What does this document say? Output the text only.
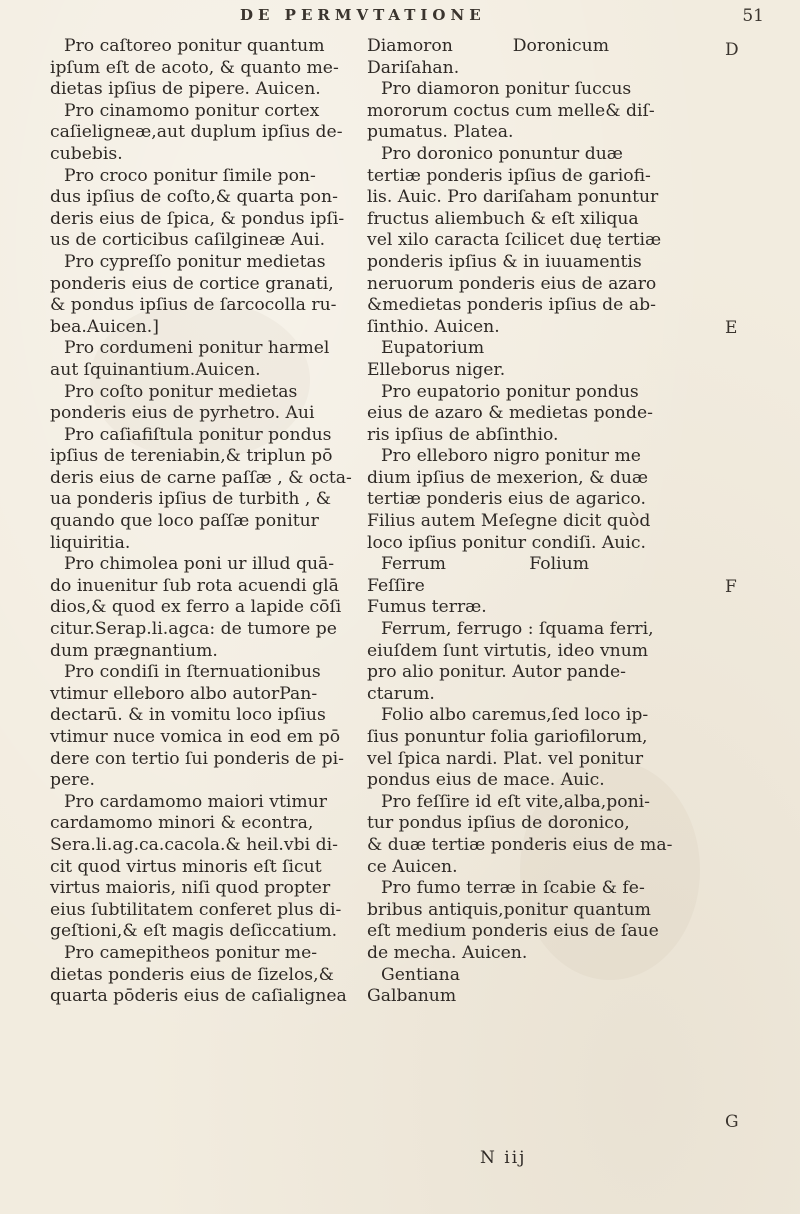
DE PERMVTATIONE	51
Pro caſtoreo ponitur quantum
ipſum eſt de acoto, & quanto me-
dietas ipſius de pipere. Auicen.
Pro cinamomo ponitur cortex
caſieligneæ,aut duplum ipſius de-
cubebis.
Pro croco ponitur ſimile pon-
dus ipſius de coſto,& quarta pon-
deris eius de ſpica, & pondus ipſi-
us de corticibus caſilgineæ Aui.
Pro cypreſſo ponitur medietas
ponderis eius de cortice granati,
& pondus ipſius de ſarcocolla ru-
bea.Auicen.]
Pro cordumeni ponitur harmel
aut ſquinantium.Auicen.
Pro coſto ponitur medietas
ponderis eius de pyrhetro. Aui
Pro caſiafiſtula ponitur pondus
ipſius de tereniabin,& triplun pō
deris eius de carne paſſæ , & octa-
ua ponderis ipſius de turbith , &
quando que loco paſſæ ponitur
liquiritia.
Pro chimolea poni ur illud quā-
do inuenitur ſub rota acuendi glā
dios,& quod ex ferro a lapide cōſi
citur.Serap.li.agca: de tumore pe
dum prægnantium.
Pro condiſi in ſternuationibus
vtimur elleboro albo autorPan-
dectarū. & in vomitu loco ipſius
vtimur nuce vomica in eod em pō
dere con tertio ſui ponderis de pi-
pere.
Pro cardamomo maiori vtimur
cardamomo minori & econtra,
Sera.li.ag.ca.cacola.& heil.vbi di-
cit quod virtus minoris eſt ſicut
virtus maioris, niſi quod propter
eius ſubtilitatem conferet plus di-
geſtioni,& eſt magis deſiccatium.
Pro camepitheos ponitur me-
dietas ponderis eius de ſizelos,&
quarta pōderis eius de caſialignea
Diamoron	Doronicum
Dariſahan.
Pro diamoron ponitur ſuccus
mororum coctus cum melle& diſ-
pumatus. Platea.
Pro doronico ponuntur duæ
tertiæ ponderis ipſius de gariofi-
lis. Auic. Pro dariſaham ponuntur
fructus aliembuch & eſt xiliqua
vel xilo caracta ſcilicet duę tertiæ
ponderis ipſius & in iuuamentis
neruorum ponderis eius de azaro
&medietas ponderis ipſius de ab-
ſinthio. Auicen.
Eupatorium
Elleborus niger.
Pro eupatorio ponitur pondus
eius de azaro & medietas ponde-
ris ipſius de abſinthio.
Pro elleboro nigro ponitur me
dium ipſius de mexerion, & duæ
tertiæ ponderis eius de agarico.
Filius autem Meſegne dicit quòd
loco ipſius ponitur condiſi. Auic.
Ferrum	Folium
Feſſire
Fumus terræ.
Ferrum, ferrugo : ſquama ferri,
eiuſdem ſunt virtutis, ideo vnum
pro alio ponitur. Autor pande-
ctarum.
Folio albo caremus,ſed loco ip-
ſius ponuntur folia gariofilorum,
vel ſpica nardi. Plat. vel ponitur
pondus eius de mace. Auic.
Pro feſſire id eſt vite,alba,poni-
tur pondus ipſius de doronico,
& duæ tertiæ ponderis eius de ma-
ce Auicen.
Pro fumo terræ in ſcabie & fe-
bribus antiquis,ponitur quantum
eſt medium ponderis eius de ſaue
de mecha. Auicen.
Gentiana
Galbanum
D
E
F
G
N iij
